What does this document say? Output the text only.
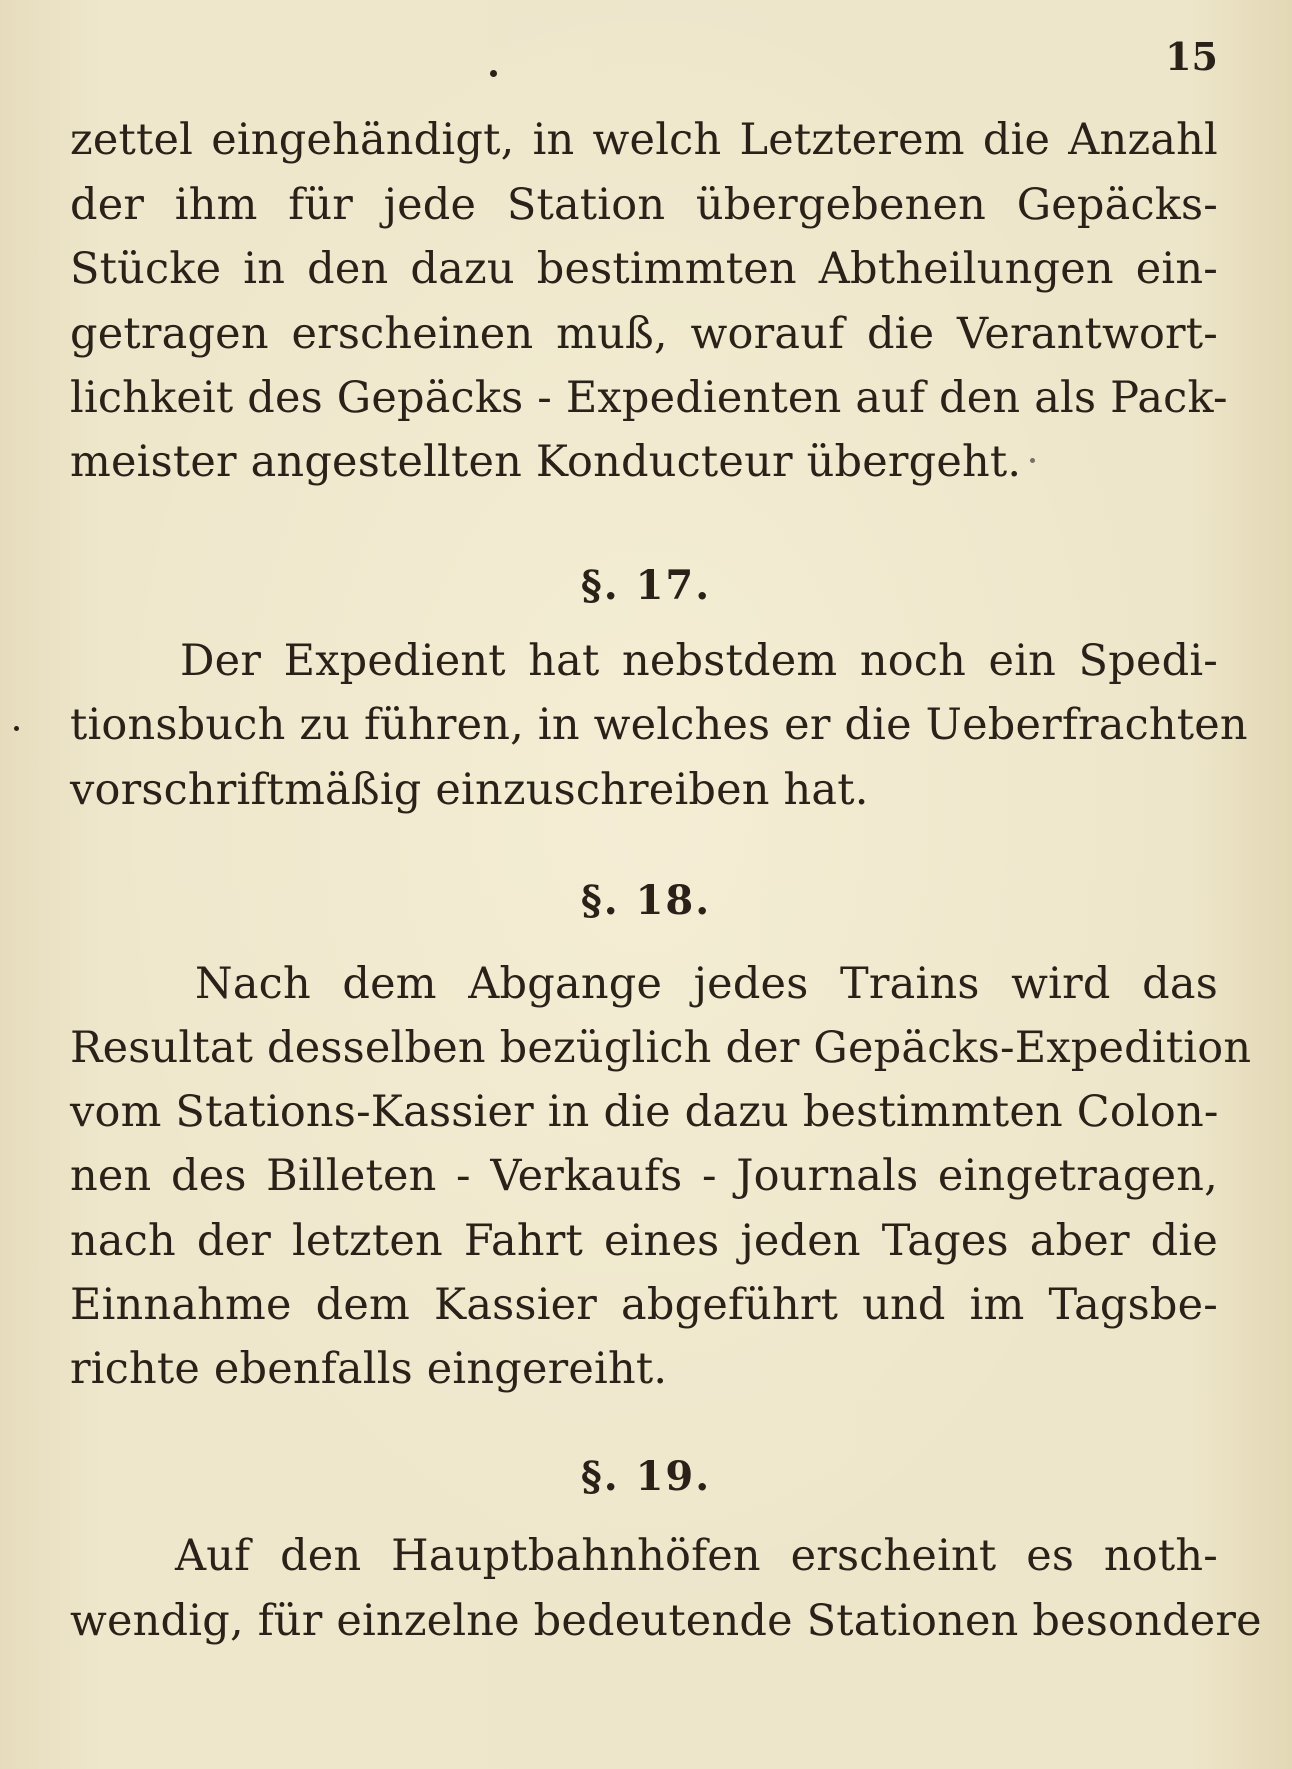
15
zettel eingehändigt, in welch Letzterem die Anzahl
der ihm für jede Station übergebenen Gepäcks-
Stücke in den dazu bestimmten Abtheilungen ein-
getragen erscheinen muß, worauf die Verantwort-
lichkeit des Gepäcks - Expedienten auf den als Pack-
meister angestellten Konducteur übergeht.
§. 17.
Der Expedient hat nebstdem noch ein Spedi-
tionsbuch zu führen, in welches er die Ueberfrachten
vorschriftmäßig einzuschreiben hat.
§. 18.
Nach dem Abgange jedes Trains wird das
Resultat desselben bezüglich der Gepäcks-Expedition
vom Stations-Kassier in die dazu bestimmten Colon-
nen des Billeten - Verkaufs - Journals eingetragen,
nach der letzten Fahrt eines jeden Tages aber die
Einnahme dem Kassier abgeführt und im Tagsbe-
richte ebenfalls eingereiht.
§. 19.
Auf den Hauptbahnhöfen erscheint es noth-
wendig, für einzelne bedeutende Stationen besondere
